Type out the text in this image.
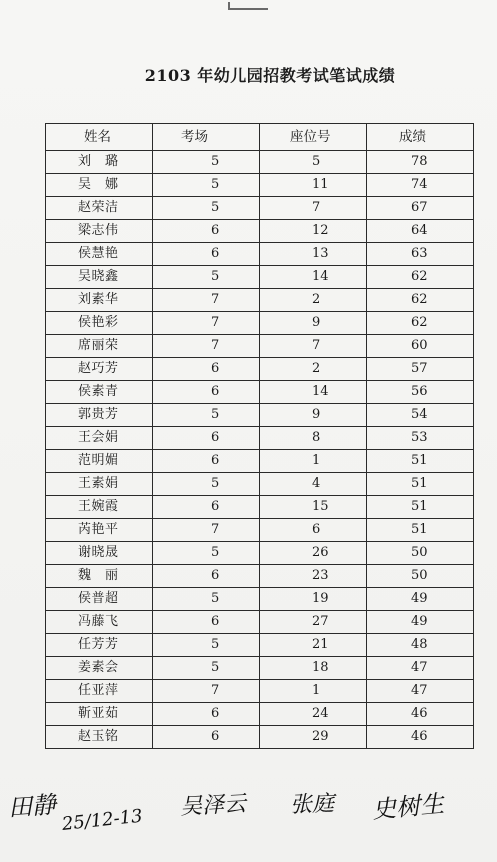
2103 年幼儿园招教考试笔试成绩
姓名	考场	座位号	成绩
刘　璐	5	5	78
吴　娜	5	11	74
赵荣洁	5	7	67
梁志伟	6	12	64
侯慧艳	6	13	63
吴晓鑫	5	14	62
刘素华	7	2	62
侯艳彩	7	9	62
席丽荣	7	7	60
赵巧芳	6	2	57
侯素青	6	14	56
郭贵芳	5	9	54
王会娟	6	8	53
范明媚	6	1	51
王素娟	5	4	51
王婉霞	6	15	51
芮艳平	7	6	51
谢晓晟	5	26	50
魏　丽	6	23	50
侯普超	5	19	49
冯藤飞	6	27	49
任芳芳	5	21	48
姜素会	5	18	47
任亚萍	7	1	47
靳亚茹	6	24	46
赵玉铭	6	29	46
田静 25/12-13 吴泽云 张庭 史树生
